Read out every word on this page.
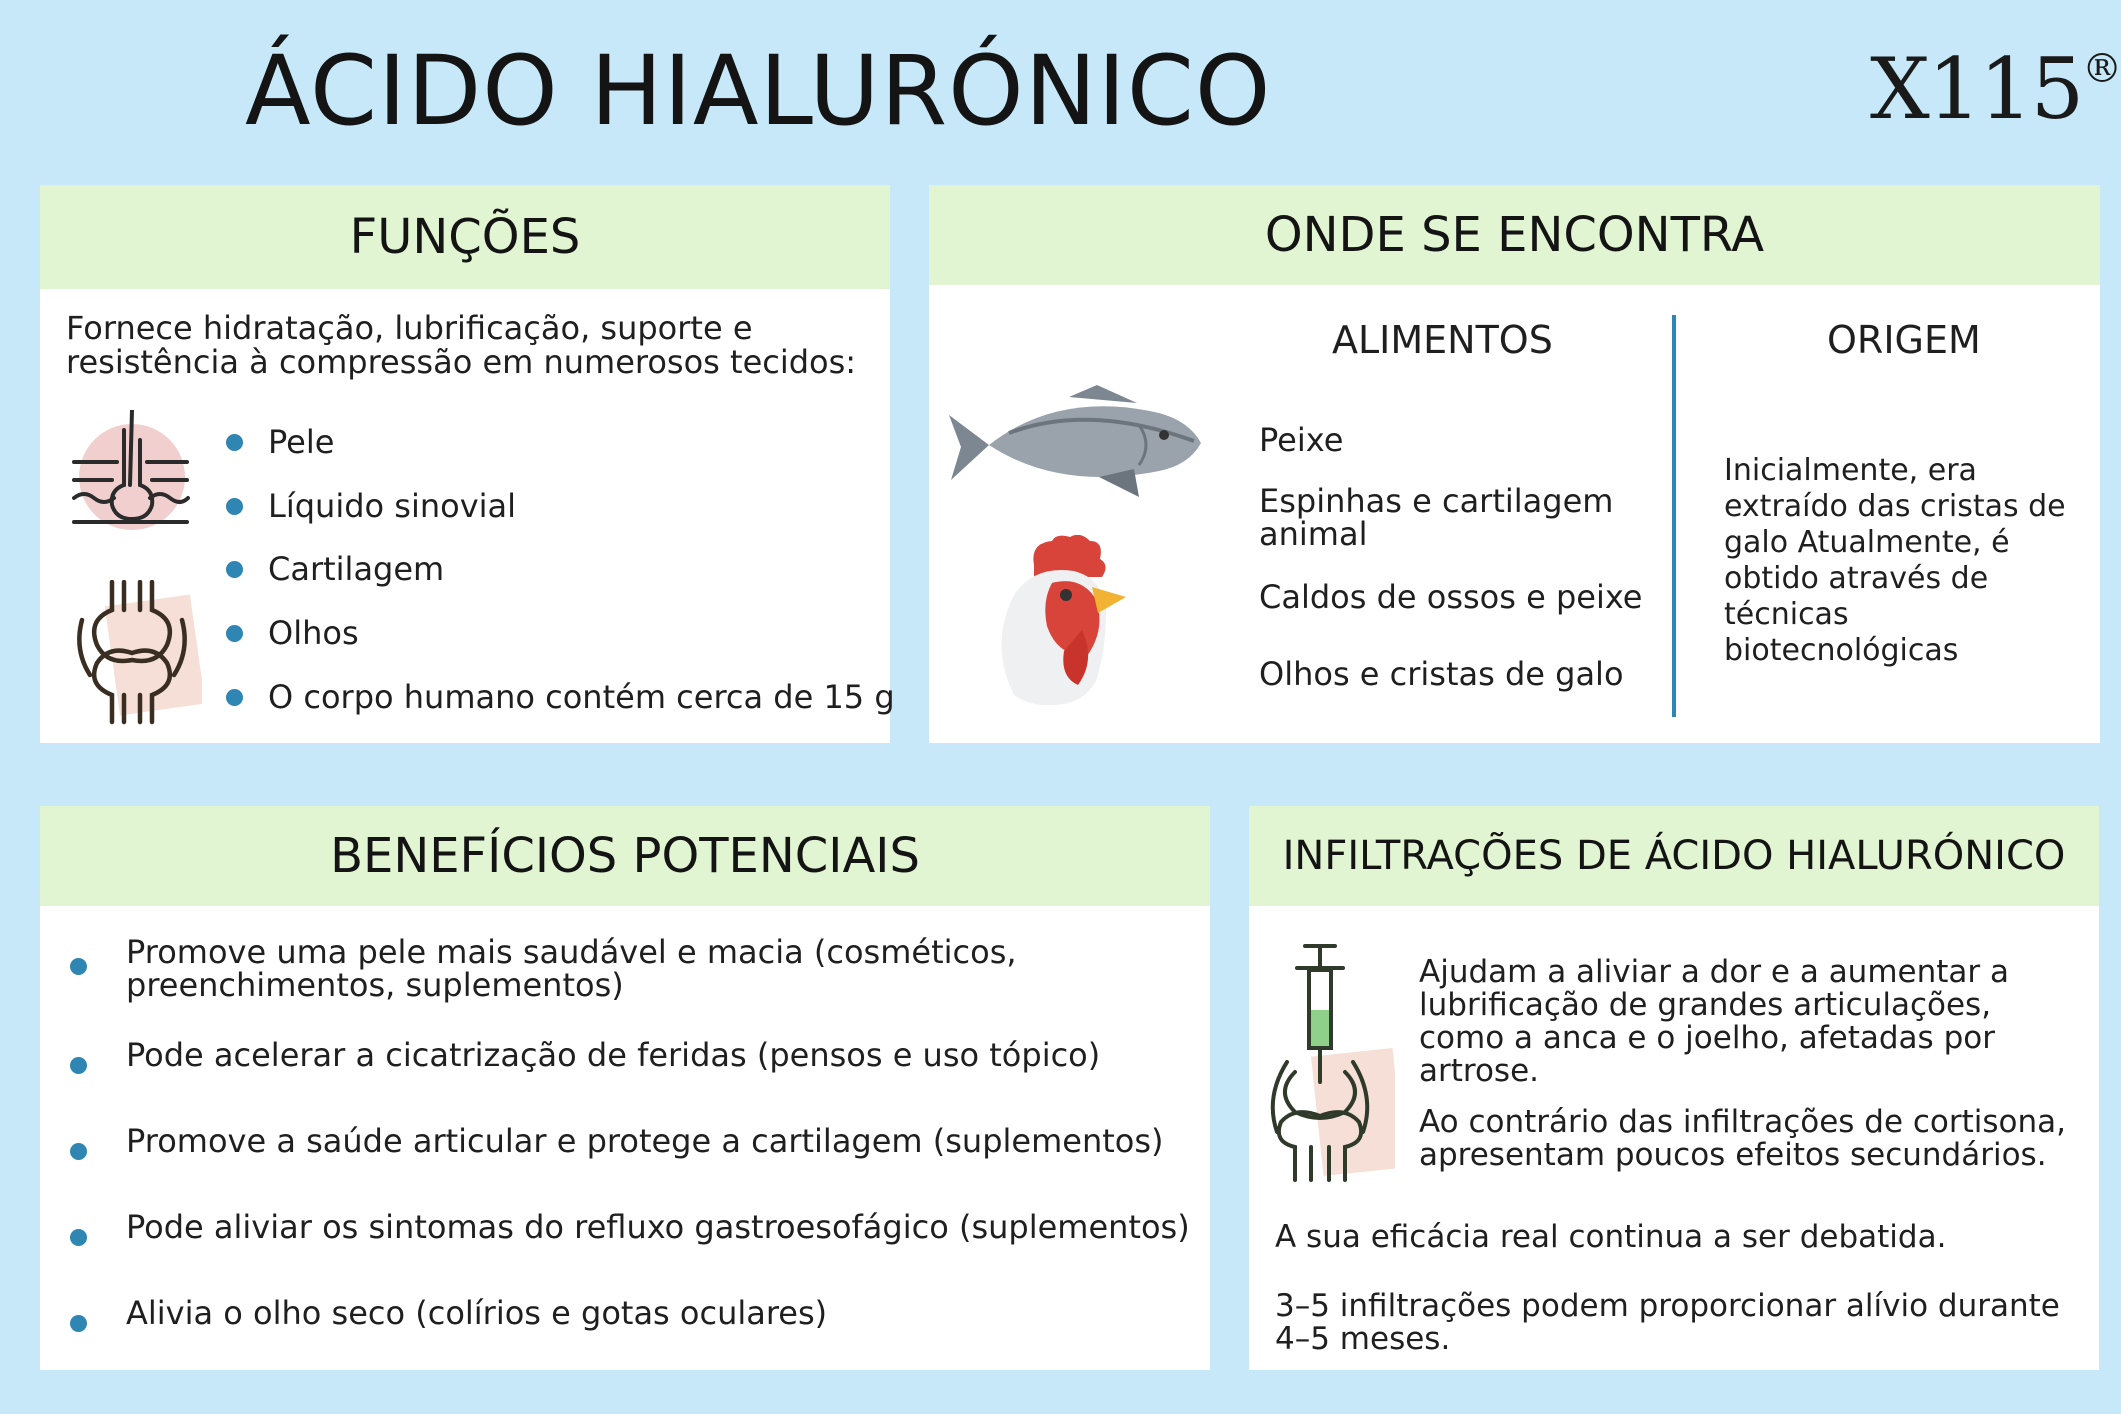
ÁCIDO HIALURÓNICO	X115®
FUNÇÕES
Fornece hidratação, lubrificação, suporte e resistência à compressão em numerosos tecidos:
Pele
Líquido sinovial
Cartilagem
Olhos
O corpo humano contém cerca de 15 g
ONDE SE ENCONTRA
ALIMENTOS	ORIGEM
Peixe
Espinhas e cartilagem animal
Caldos de ossos e peixe
Olhos e cristas de galo
Inicialmente, era extraído das cristas de galo Atualmente, é obtido através de técnicas biotecnológicas
BENEFÍCIOS POTENCIAIS
Promove uma pele mais saudável e macia (cosméticos, preenchimentos, suplementos)
Pode acelerar a cicatrização de feridas (pensos e uso tópico)
Promove a saúde articular e protege a cartilagem (suplementos)
Pode aliviar os sintomas do refluxo gastroesofágico (suplementos)
Alivia o olho seco (colírios e gotas oculares)
INFILTRAÇÕES DE ÁCIDO HIALURÓNICO
Ajudam a aliviar a dor e a aumentar a lubrificação de grandes articulações, como a anca e o joelho, afetadas por artrose.
Ao contrário das infiltrações de cortisona, apresentam poucos efeitos secundários.
A sua eficácia real continua a ser debatida.
3–5 infiltrações podem proporcionar alívio durante 4–5 meses.
